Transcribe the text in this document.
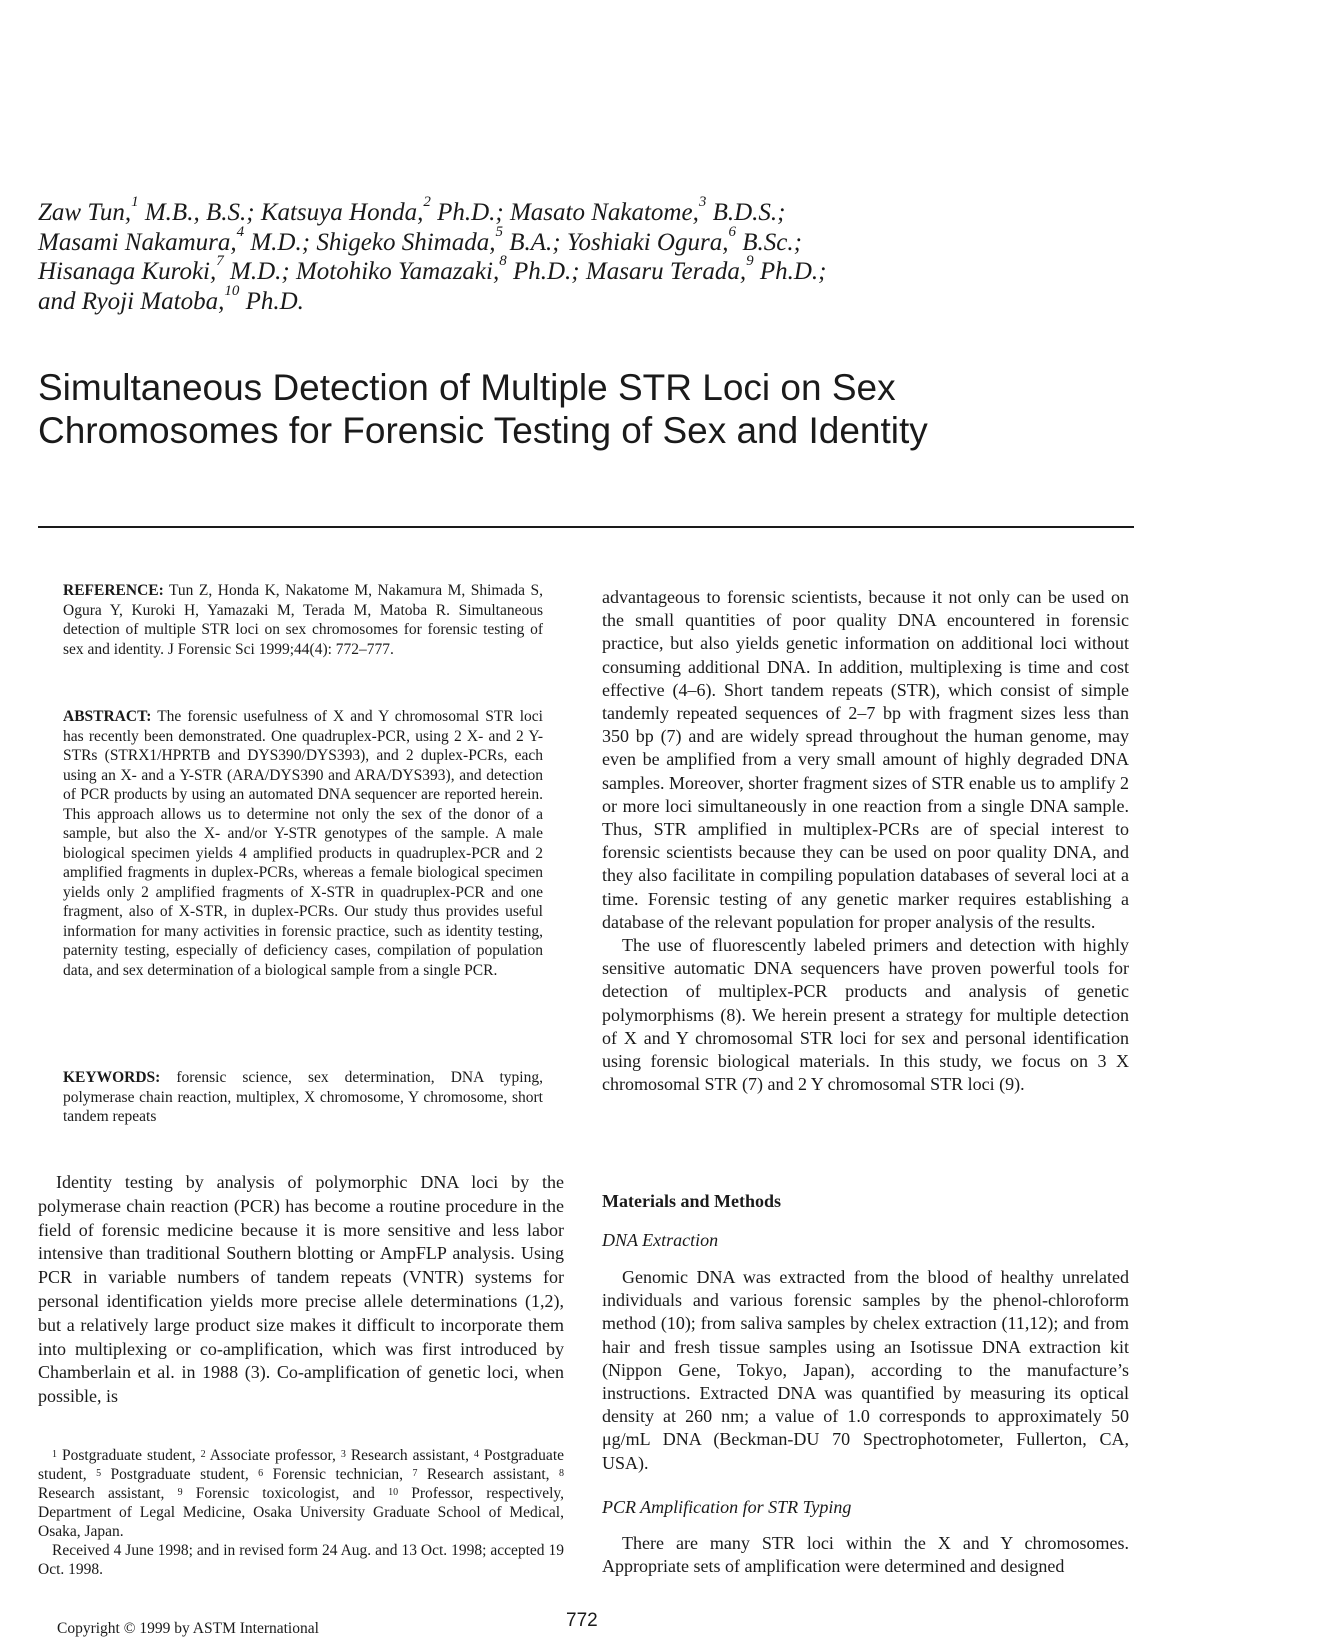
Zaw Tun,$^1$ M.B., B.S.; Katsuya Honda,$^2$ Ph.D.; Masato Nakatome,$^3$ B.D.S.;
Masami Nakamura,$^4$ M.D.; Shigeko Shimada,$^5$ B.A.; Yoshiaki Ogura,$^6$ B.Sc.;
Hisanaga Kuroki,$^7$ M.D.; Motohiko Yamazaki,$^8$ Ph.D.; Masaru Terada,$^9$ Ph.D.;
and Ryoji Matoba,$^{10}$ Ph.D.
Simultaneous Detection of Multiple STR Loci on Sex
Chromosomes for Forensic Testing of Sex and Identity
REFERENCE: Tun Z, Honda K, Nakatome M, Nakamura M, Shimada S, Ogura Y, Kuroki H, Yamazaki M, Terada M, Matoba R. Simultaneous detection of multiple STR loci on sex chromosomes for forensic testing of sex and identity. J Forensic Sci 1999;44(4): 772–777.
ABSTRACT: The forensic usefulness of X and Y chromosomal STR loci has recently been demonstrated. One quadruplex-PCR, using 2 X- and 2 Y-STRs (STRX1/HPRTB and DYS390/DYS393), and 2 duplex-PCRs, each using an X- and a Y-STR (ARA/DYS390 and ARA/DYS393), and detection of PCR products by using an automated DNA sequencer are reported herein. This approach allows us to determine not only the sex of the donor of a sample, but also the X- and/or Y-STR genotypes of the sample. A male biological specimen yields 4 amplified products in quadruplex-PCR and 2 amplified fragments in duplex-PCRs, whereas a female biological specimen yields only 2 amplified fragments of X-STR in quadruplex-PCR and one fragment, also of X-STR, in duplex-PCRs. Our study thus provides useful information for many activities in forensic practice, such as identity testing, paternity testing, especially of deficiency cases, compilation of population data, and sex determination of a biological sample from a single PCR.
KEYWORDS: forensic science, sex determination, DNA typing, polymerase chain reaction, multiplex, X chromosome, Y chromosome, short tandem repeats

Identity testing by analysis of polymorphic DNA loci by the polymerase chain reaction (PCR) has become a routine procedure in the field of forensic medicine because it is more sensitive and less labor intensive than traditional Southern blotting or AmpFLP analysis. Using PCR in variable numbers of tandem repeats (VNTR) systems for personal identification yields more precise allele determinations (1,2), but a relatively large product size makes it difficult to incorporate them into multiplexing or co-amplification, which was first introduced by Chamberlain et al. in 1988 (3). Co-amplification of genetic loci, when possible, is

$^1$ Postgraduate student, $^2$ Associate professor, $^3$ Research assistant, $^4$ Postgraduate student, $^5$ Postgraduate student, $^6$ Forensic technician, $^7$ Research assistant, $^8$ Research assistant, $^9$ Forensic toxicologist, and $^{10}$ Professor, respectively, Department of Legal Medicine, Osaka University Graduate School of Medical, Osaka, Japan.

Received 4 June 1998; and in revised form 24 Aug. and 13 Oct. 1998; accepted 19 Oct. 1998.

advantageous to forensic scientists, because it not only can be used on the small quantities of poor quality DNA encountered in forensic practice, but also yields genetic information on additional loci without consuming additional DNA. In addition, multiplexing is time and cost effective (4–6). Short tandem repeats (STR), which consist of simple tandemly repeated sequences of 2–7 bp with fragment sizes less than 350 bp (7) and are widely spread throughout the human genome, may even be amplified from a very small amount of highly degraded DNA samples. Moreover, shorter fragment sizes of STR enable us to amplify 2 or more loci simultaneously in one reaction from a single DNA sample. Thus, STR amplified in multiplex-PCRs are of special interest to forensic scientists because they can be used on poor quality DNA, and they also facilitate in compiling population databases of several loci at a time. Forensic testing of any genetic marker requires establishing a database of the relevant population for proper analysis of the results.

The use of fluorescently labeled primers and detection with highly sensitive automatic DNA sequencers have proven powerful tools for detection of multiplex-PCR products and analysis of genetic polymorphisms (8). We herein present a strategy for multiple detection of X and Y chromosomal STR loci for sex and personal identification using forensic biological materials. In this study, we focus on 3 X chromosomal STR (7) and 2 Y chromosomal STR loci (9).

Materials and Methods
DNA Extraction

Genomic DNA was extracted from the blood of healthy unrelated individuals and various forensic samples by the phenol-chloroform method (10); from saliva samples by chelex extraction (11,12); and from hair and fresh tissue samples using an Isotissue DNA extraction kit (Nippon Gene, Tokyo, Japan), according to the manufacture’s instructions. Extracted DNA was quantified by measuring its optical density at 260 nm; a value of 1.0 corresponds to approximately 50 μg/mL DNA (Beckman-DU 70 Spectrophotometer, Fullerton, CA, USA).

PCR Amplification for STR Typing

There are many STR loci within the X and Y chromosomes. Appropriate sets of amplification were determined and designed

Copyright © 1999 by ASTM International	772
